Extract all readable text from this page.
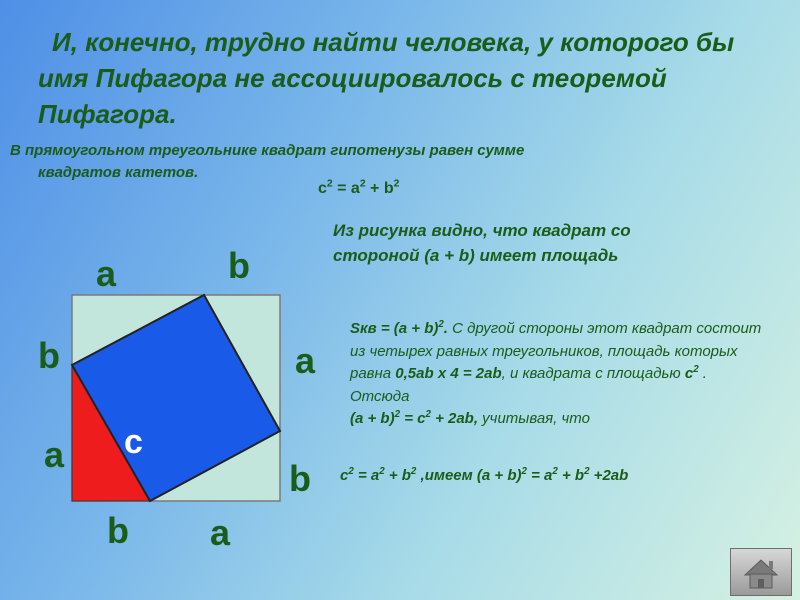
И, конечно, трудно найти человека, у которого бы имя Пифагора не ассоциировалось с теоремой Пифагора.
В прямоугольном треугольнике квадрат гипотенузы равен сумме
квадратов катетов.
$c^2 = a^2 + b^2$
Из рисунка видно, что квадрат со стороной (a + b) имеет площадь
Sкв = $(a + b)^2$. С другой стороны этот квадрат состоит из четырех равных треугольников, площадь которых равна 0,5ab x 4 = 2ab, и квадрата с площадью $c^2$ . Отсюда
$(a + b)^2 = c^2 + 2ab$, учитывая, что
$c^2 = a^2 + b^2$ ,имеем $(a + b)^2 = a^2 + b^2 +2ab$
a	b
b
a
a
b
b a
c
